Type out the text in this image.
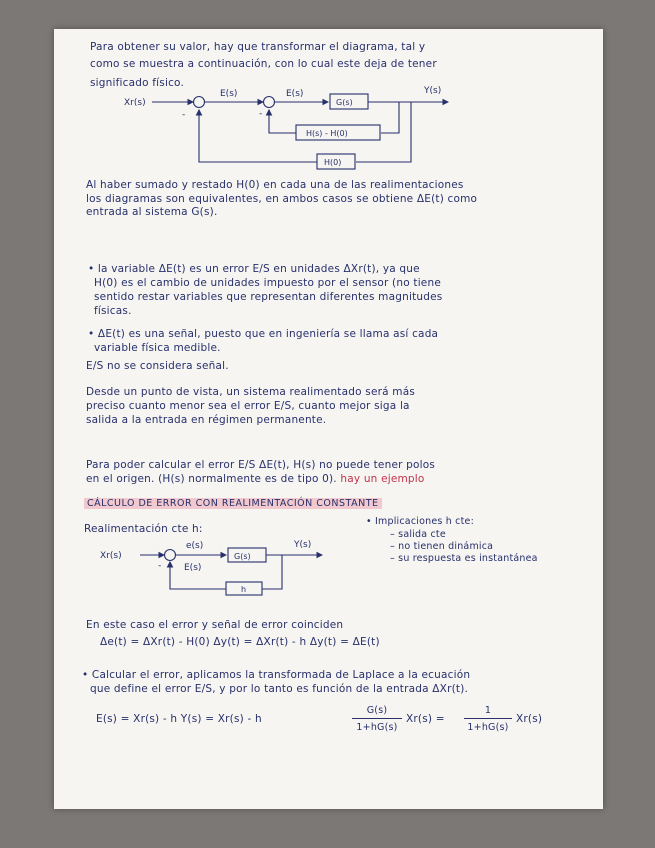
Para obtener su valor, hay que transformar el diagrama, tal y
como se muestra a continuación, con lo cual este deja de tener
significado físico.
Xr(s)
E(s)	E(s)	Y(s)
G(s)
H(s) - H(0)
H(0)
-	-
Al haber sumado y restado H(0) en cada una de las realimentaciones
los diagramas son equivalentes, en ambos casos se obtiene ΔE(t) como
entrada al sistema G(s).
• la variable ΔE(t) es un error E/S en unidades ΔXr(t), ya que
H(0) es el cambio de unidades impuesto por el sensor (no tiene
sentido restar variables que representan diferentes magnitudes
físicas.
• ΔE(t) es una señal, puesto que en ingeniería se llama así cada
variable física medible.
E/S no se considera señal.
Desde un punto de vista, un sistema realimentado será más
preciso cuanto menor sea el error E/S, cuanto mejor siga la
salida a la entrada en régimen permanente.
Para poder calcular el error E/S ΔE(t), H(s) no puede tener polos
en el origen. (H(s) normalmente es de tipo 0). hay un ejemplo
CÁLCULO DE ERROR CON REALIMENTACIÓN CONSTANTE
Realimentación cte h:
• Implicaciones h cte:
– salida cte
– no tienen dinámica
– su respuesta es instantánea
Xr(s)
e(s)
E(s)
Y(s)
G(s)
h
-
En este caso el error y señal de error coinciden
Δe(t) = ΔXr(t) - H(0) Δy(t) = ΔXr(t) - h Δy(t) = ΔE(t)
• Calcular el error, aplicamos la transformada de Laplace a la ecuación
que define el error E/S, y por lo tanto es función de la entrada ΔXr(t).
E(s) = Xr(s) - h Y(s) = Xr(s) - h
G(s)
1+hG(s)
Xr(s) =
1
1+hG(s)
Xr(s)
